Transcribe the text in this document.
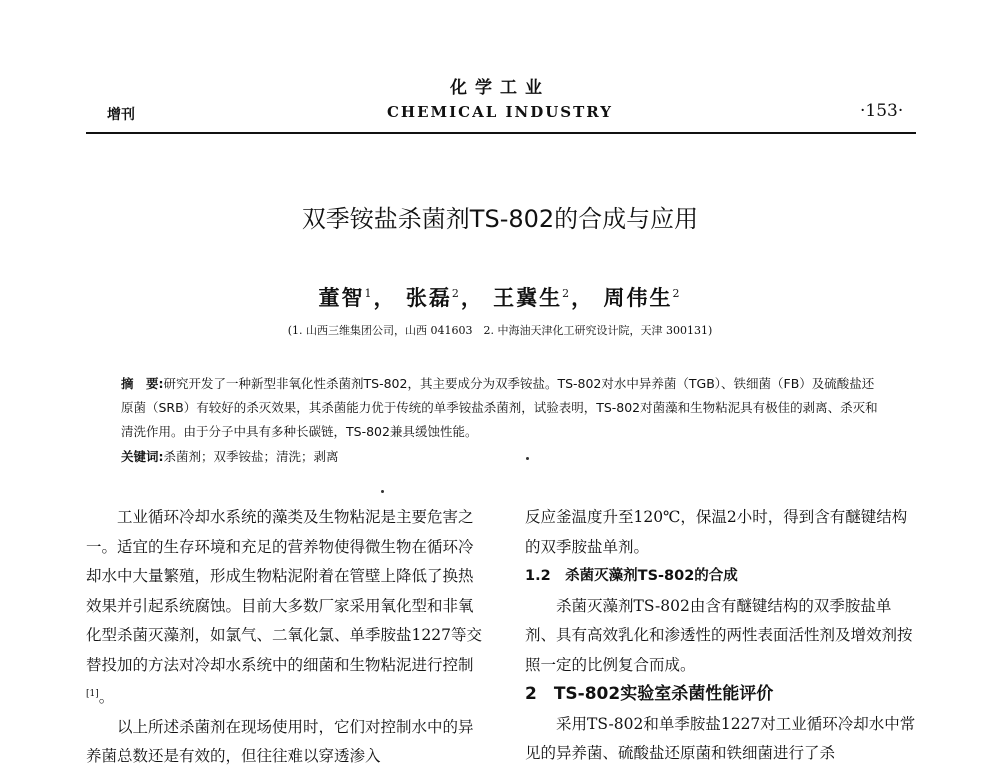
化学工业
CHEMICAL INDUSTRY
增刊	·153·
双季铵盐杀菌剂TS-802的合成与应用
董智$^1$， 张磊$^2$， 王冀生$^2$， 周伟生$^2$
(1. 山西三维集团公司，山西 041603　2. 中海油天津化工研究设计院，天津 300131)
摘　要:研究开发了一种新型非氧化性杀菌剂TS-802，其主要成分为双季铵盐。TS-802对水中异养菌（TGB）、铁细菌（FB）及硫酸盐还原菌（SRB）有较好的杀灭效果，其杀菌能力优于传统的单季铵盐杀菌剂，试验表明，TS-802对菌藻和生物粘泥具有极佳的剥离、杀灭和清洗作用。由于分子中具有多种长碳链，TS-802兼具缓蚀性能。
关键词:杀菌剂；双季铵盐；清洗；剥离

工业循环冷却水系统的藻类及生物粘泥是主要危害之一。适宜的生存环境和充足的营养物使得微生物在循环冷却水中大量繁殖，形成生物粘泥附着在管壁上降低了换热效果并引起系统腐蚀。目前大多数厂家采用氧化型和非氧化型杀菌灭藻剂，如氯气、二氧化氯、单季胺盐1227等交替投加的方法对冷却水系统中的细菌和生物粘泥进行控制[1]。

以上所述杀菌剂在现场使用时，它们对控制水中的异养菌总数还是有效的，但往往难以穿透渗入

反应釜温度升至120℃，保温2小时，得到含有醚键结构的双季胺盐单剂。

1.2　杀菌灭藻剂TS-802的合成

杀菌灭藻剂TS-802由含有醚键结构的双季胺盐单剂、具有高效乳化和渗透性的两性表面活性剂及增效剂按照一定的比例复合而成。

2　TS-802实验室杀菌性能评价

采用TS-802和单季胺盐1227对工业循环冷却水中常见的异养菌、硫酸盐还原菌和铁细菌进行了杀
